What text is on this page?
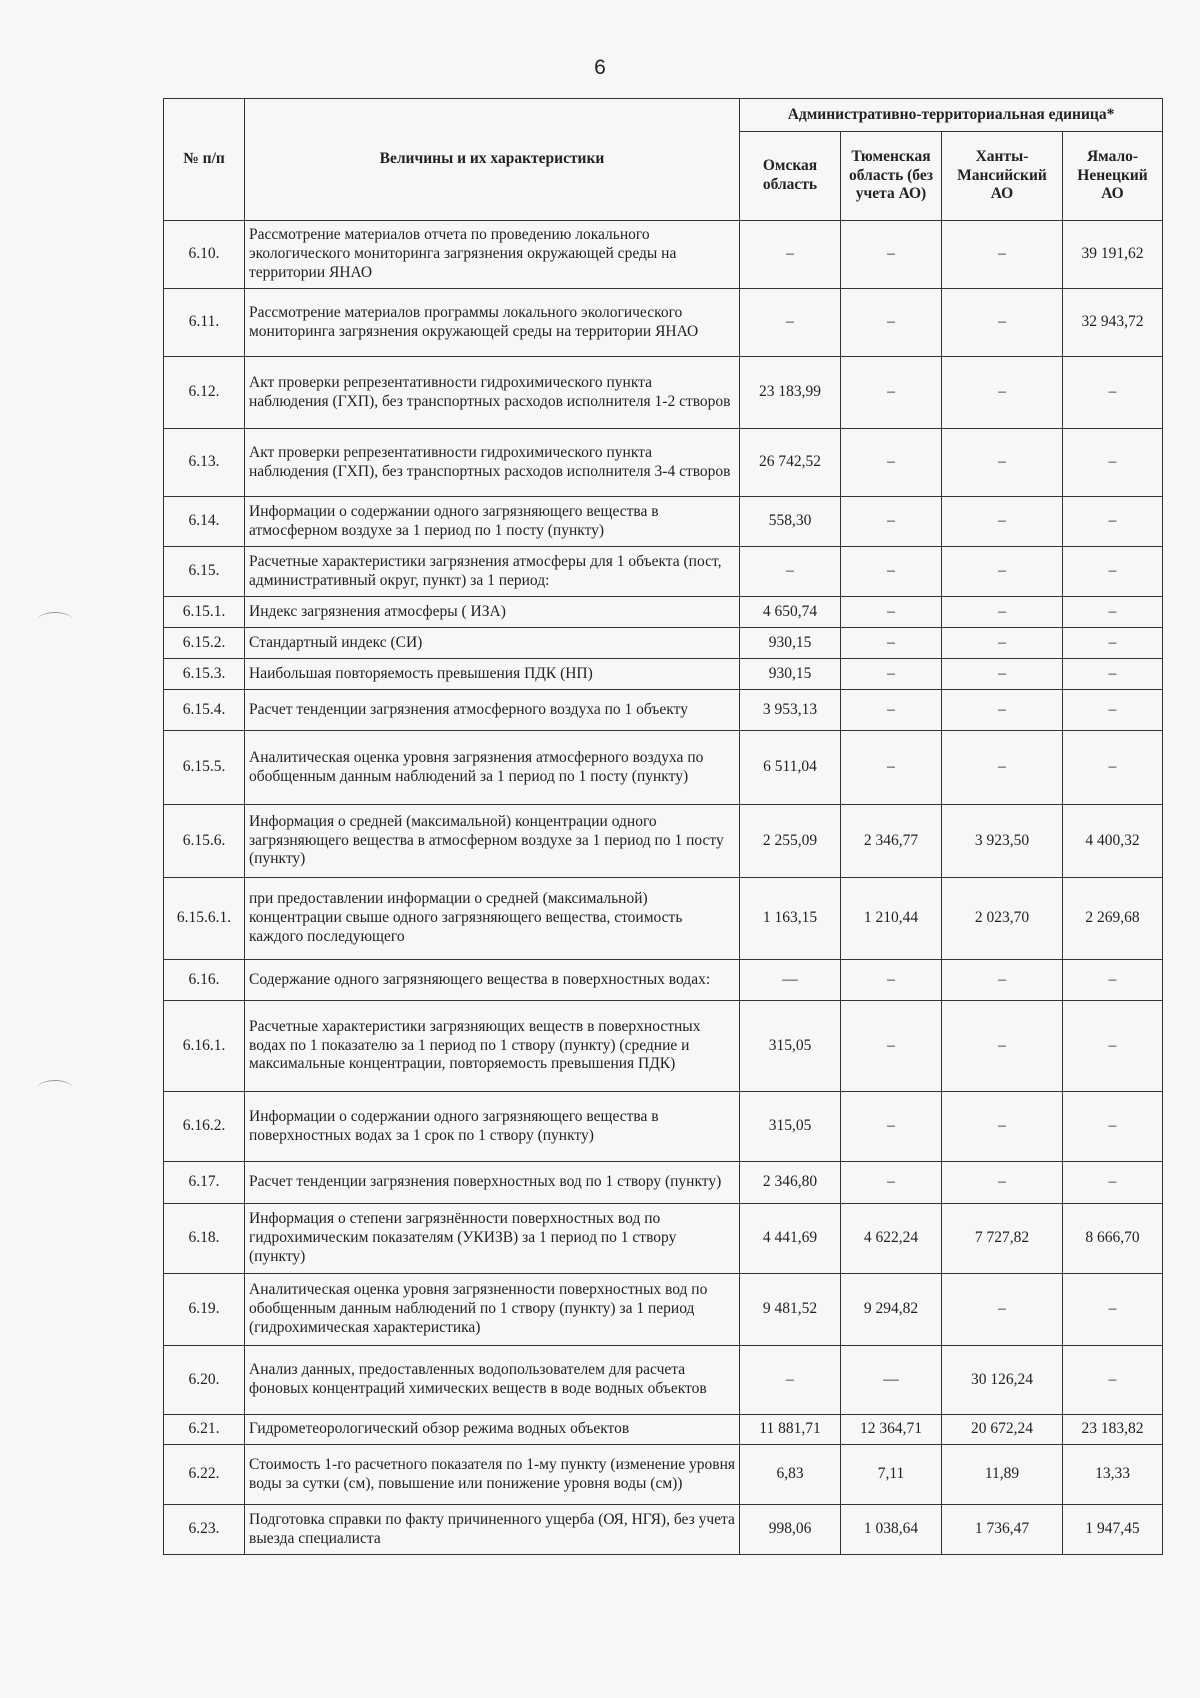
6
№ п/п	Величины и их характеристики	Административно-территориальная единица*			
		Омская область	Тюменская область (без учета АО)	Ханты-Мансийский АО	Ямало-Ненецкий АО
6.10.	Рассмотрение материалов отчета по проведению локального экологического мониторинга загрязнения окружающей среды на территории ЯНАО	–	–	–	39 191,62
6.11.	Рассмотрение материалов программы локального экологического мониторинга загрязнения окружающей среды на территории ЯНАО	–	–	–	32 943,72
6.12.	Акт проверки репрезентативности гидрохимического пункта наблюдения (ГХП), без транспортных расходов исполнителя 1-2 створов	23 183,99	–	–	–
6.13.	Акт проверки репрезентативности гидрохимического пункта наблюдения (ГХП), без транспортных расходов исполнителя 3-4 створов	26 742,52	–	–	–
6.14.	Информации о содержании одного загрязняющего вещества в атмосферном воздухе за 1 период по 1 посту (пункту)	558,30	–	–	–
6.15.	Расчетные характеристики загрязнения атмосферы для 1 объекта (пост, административный округ, пункт) за 1 период:	–	–	–	–
6.15.1.	Индекс загрязнения атмосферы ( ИЗА)	4 650,74	–	–	–
6.15.2.	Стандартный индекс (СИ)	930,15	–	–	–
6.15.3.	Наибольшая повторяемость превышения ПДК (НП)	930,15	–	–	–
6.15.4.	Расчет тенденции загрязнения атмосферного воздуха по 1 объекту	3 953,13	–	–	–
6.15.5.	Аналитическая оценка уровня загрязнения атмосферного воздуха по обобщенным данным наблюдений за 1 период по 1 посту (пункту)	6 511,04	–	–	–
6.15.6.	Информация о средней (максимальной) концентрации одного загрязняющего вещества в атмосферном воздухе за 1 период по 1 посту (пункту)	2 255,09	2 346,77	3 923,50	4 400,32
6.15.6.1.	при предоставлении информации о средней (максимальной) концентрации свыше одного загрязняющего вещества, стоимость каждого последующего	1 163,15	1 210,44	2 023,70	2 269,68
6.16.	Содержание одного загрязняющего вещества в поверхностных водах:	—	–	–	–
6.16.1.	Расчетные характеристики загрязняющих веществ в поверхностных водах по 1 показателю за 1 период по 1 створу (пункту) (средние и максимальные концентрации, повторяемость превышения ПДК)	315,05	–	–	–
6.16.2.	Информации о содержании одного загрязняющего вещества в поверхностных водах за 1 срок по 1 створу (пункту)	315,05	–	–	–
6.17.	Расчет тенденции загрязнения поверхностных вод по 1 створу (пункту)	2 346,80	–	–	–
6.18.	Информация о степени загрязнённости поверхностных вод по гидрохимическим показателям (УКИЗВ) за 1 период по 1 створу (пункту)	4 441,69	4 622,24	7 727,82	8 666,70
6.19.	Аналитическая оценка уровня загрязненности поверхностных вод по обобщенным данным наблюдений по 1 створу (пункту) за 1 период (гидрохимическая характеристика)	9 481,52	9 294,82	–	–
6.20.	Анализ данных, предоставленных водопользователем для расчета фоновых концентраций химических веществ в воде водных объектов	–	—	30 126,24	–
6.21.	Гидрометеорологический обзор режима водных объектов	11 881,71	12 364,71	20 672,24	23 183,82
6.22.	Стоимость 1-го расчетного показателя по 1-му пункту (изменение уровня воды за сутки (см), повышение или понижение уровня воды (см))	6,83	7,11	11,89	13,33
6.23.	Подготовка справки по факту причиненного ущерба (ОЯ, НГЯ), без учета выезда специалиста	998,06	1 038,64	1 736,47	1 947,45
